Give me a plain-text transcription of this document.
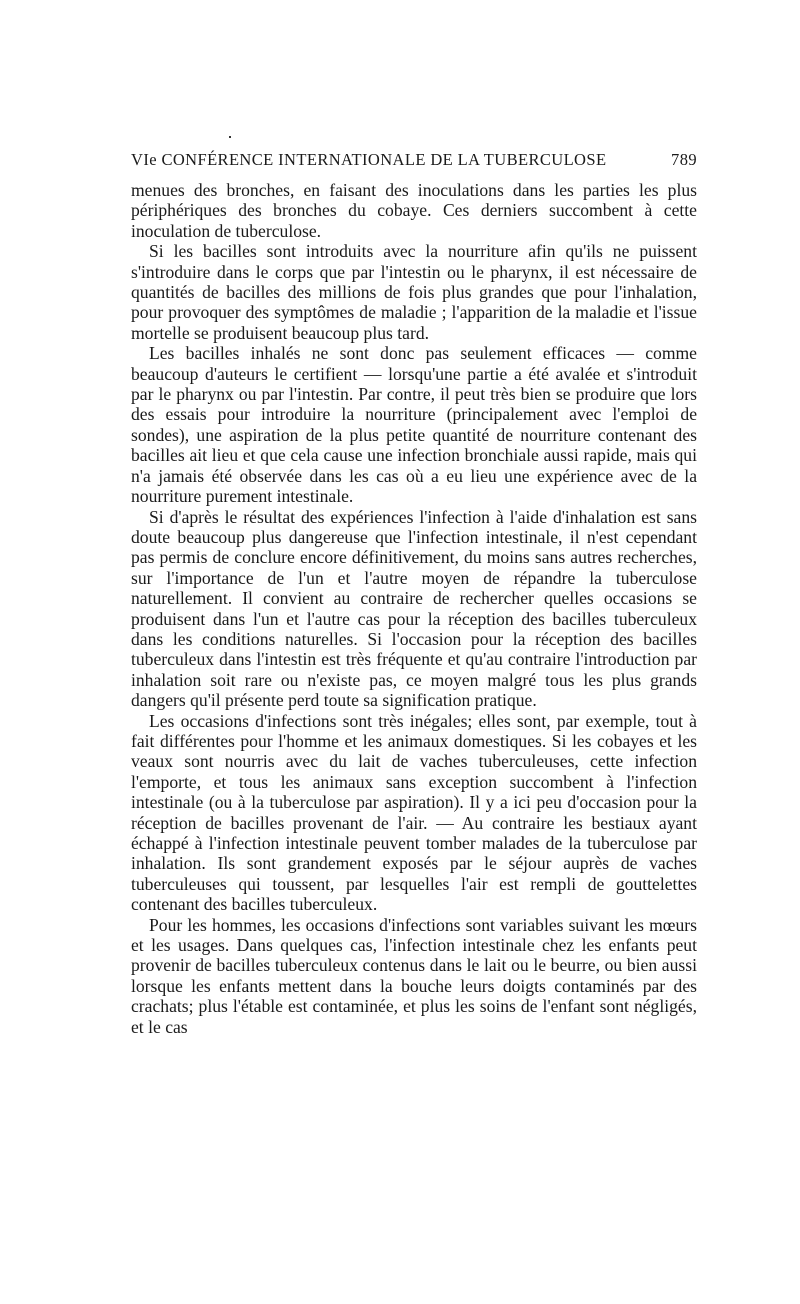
VIe CONFÉRENCE INTERNATIONALE DE LA TUBERCULOSE	789

menues des bronches, en faisant des inoculations dans les parties les plus périphériques des bronches du cobaye. Ces derniers succombent à cette inoculation de tuberculose.

Si les bacilles sont introduits avec la nourriture afin qu'ils ne puissent s'introduire dans le corps que par l'intestin ou le pharynx, il est nécessaire de quantités de bacilles des millions de fois plus grandes que pour l'inhalation, pour provoquer des symptômes de maladie ; l'apparition de la maladie et l'issue mortelle se produisent beaucoup plus tard.

Les bacilles inhalés ne sont donc pas seulement efficaces — comme beaucoup d'auteurs le certifient — lorsqu'une partie a été avalée et s'introduit par le pharynx ou par l'intestin. Par contre, il peut très bien se produire que lors des essais pour introduire la nourriture (principalement avec l'emploi de sondes), une aspiration de la plus petite quantité de nourriture contenant des bacilles ait lieu et que cela cause une infection bronchiale aussi rapide, mais qui n'a jamais été observée dans les cas où a eu lieu une expérience avec de la nourriture purement intestinale.

Si d'après le résultat des expériences l'infection à l'aide d'inhalation est sans doute beaucoup plus dangereuse que l'infection intestinale, il n'est cependant pas permis de conclure encore définitivement, du moins sans autres recherches, sur l'importance de l'un et l'autre moyen de répandre la tuberculose naturellement. Il convient au contraire de rechercher quelles occasions se produisent dans l'un et l'autre cas pour la réception des bacilles tuberculeux dans les conditions naturelles. Si l'occasion pour la réception des bacilles tuberculeux dans l'intestin est très fréquente et qu'au contraire l'introduction par inhalation soit rare ou n'existe pas, ce moyen malgré tous les plus grands dangers qu'il présente perd toute sa signification pratique.

Les occasions d'infections sont très inégales; elles sont, par exemple, tout à fait différentes pour l'homme et les animaux domestiques. Si les cobayes et les veaux sont nourris avec du lait de vaches tuberculeuses, cette infection l'emporte, et tous les animaux sans exception succombent à l'infection intestinale (ou à la tuberculose par aspiration). Il y a ici peu d'occasion pour la réception de bacilles provenant de l'air. — Au contraire les bestiaux ayant échappé à l'infection intestinale peuvent tomber malades de la tuberculose par inhalation. Ils sont grandement exposés par le séjour auprès de vaches tuberculeuses qui toussent, par lesquelles l'air est rempli de gouttelettes contenant des bacilles tuberculeux.

Pour les hommes, les occasions d'infections sont variables suivant les mœurs et les usages. Dans quelques cas, l'infection intestinale chez les enfants peut provenir de bacilles tuberculeux contenus dans le lait ou le beurre, ou bien aussi lorsque les enfants mettent dans la bouche leurs doigts contaminés par des crachats; plus l'étable est contaminée, et plus les soins de l'enfant sont négligés, et le cas
